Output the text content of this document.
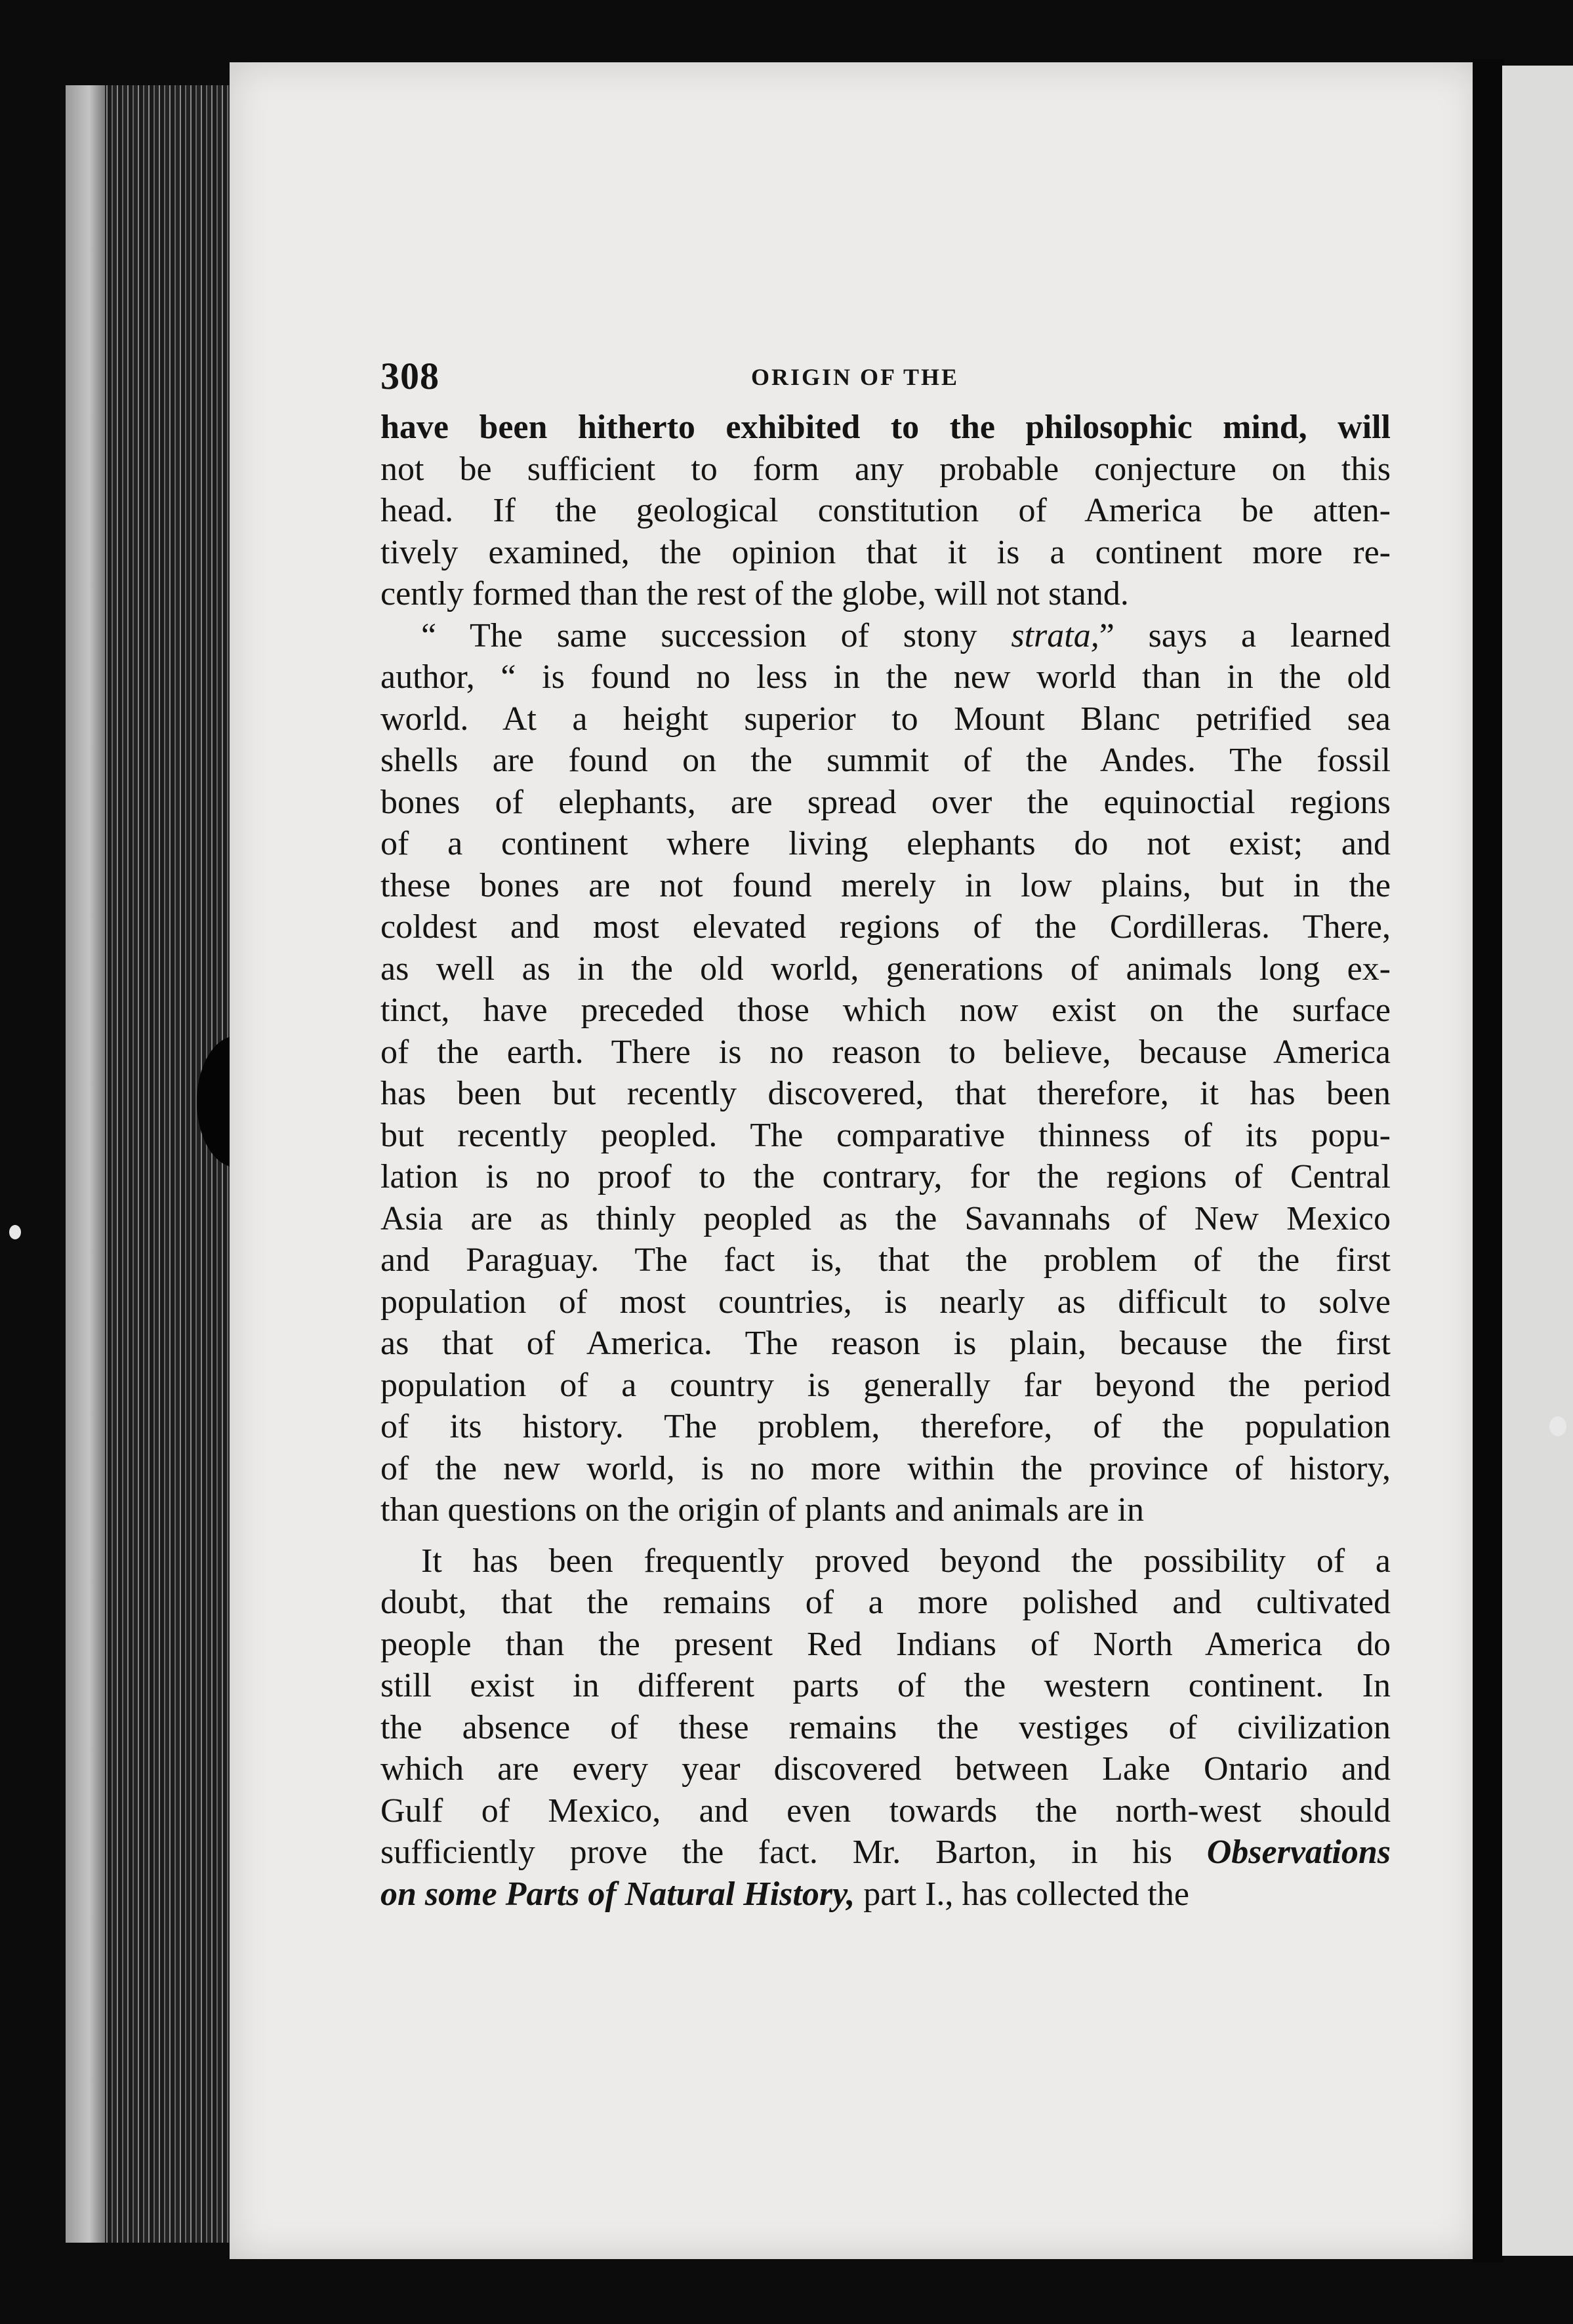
308	ORIGIN OF THE

have been hitherto exhibited to the philosophic mind, will
not be sufficient to form any probable conjecture on this
head. If the geological constitution of America be atten-
tively examined, the opinion that it is a continent more re-
cently formed than the rest of the globe, will not stand.

“ The same succession of stony strata,” says a learned
author, “ is found no less in the new world than in the old
world. At a height superior to Mount Blanc petrified sea
shells are found on the summit of the Andes. The fossil
bones of elephants, are spread over the equinoctial regions
of a continent where living elephants do not exist; and
these bones are not found merely in low plains, but in the
coldest and most elevated regions of the Cordilleras. There,
as well as in the old world, generations of animals long ex-
tinct, have preceded those which now exist on the surface
of the earth. There is no reason to believe, because America
has been but recently discovered, that therefore, it has been
but recently peopled. The comparative thinness of its popu-
lation is no proof to the contrary, for the regions of Central
Asia are as thinly peopled as the Savannahs of New Mexico
and Paraguay. The fact is, that the problem of the first
population of most countries, is nearly as difficult to solve
as that of America. The reason is plain, because the first
population of a country is generally far beyond the period
of its history. The problem, therefore, of the population
of the new world, is no more within the province of history,
than questions on the origin of plants and animals are in

It has been frequently proved beyond the possibility of a
doubt, that the remains of a more polished and cultivated
people than the present Red Indians of North America do
still exist in different parts of the western continent. In
the absence of these remains the vestiges of civilization
which are every year discovered between Lake Ontario and
Gulf of Mexico, and even towards the north-west should
sufficiently prove the fact. Mr. Barton, in his Observations
on some Parts of Natural History, part I., has collected the
